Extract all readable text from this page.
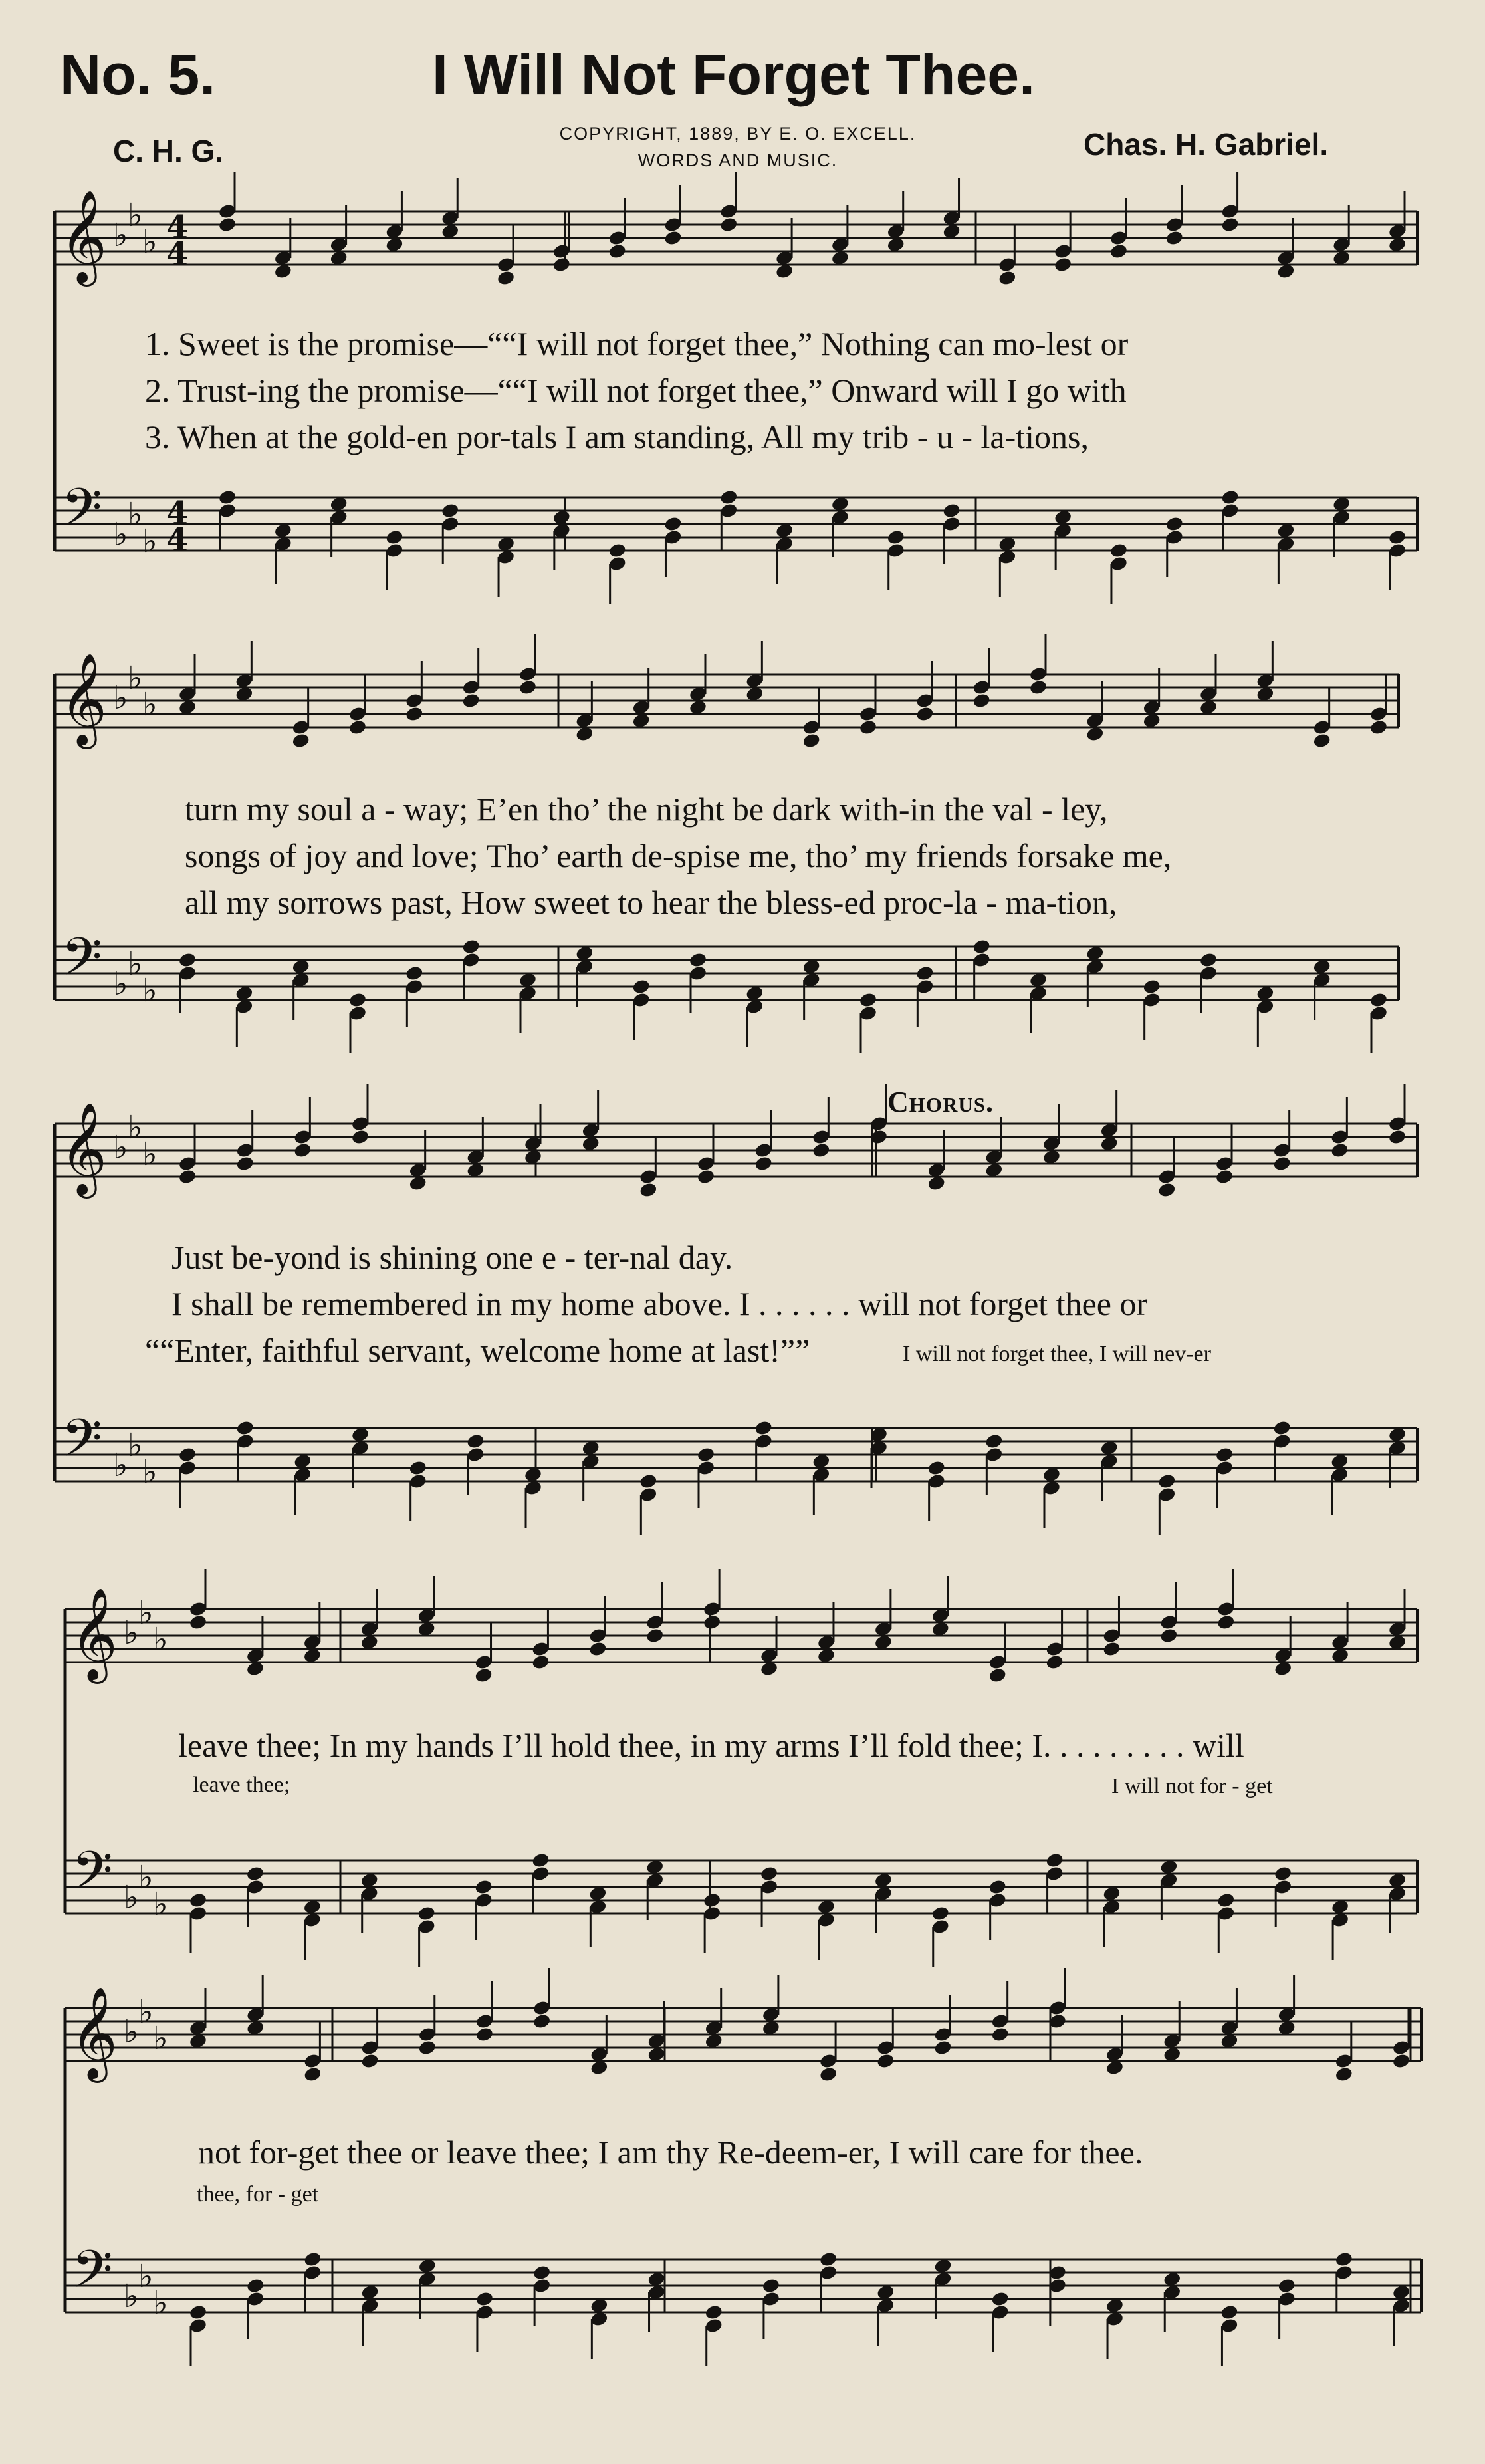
No. 5.	I Will Not Forget Thee.
C. H. G.	COPYRIGHT, 1889, BY E. O. EXCELL.
WORDS AND MUSIC.	Chas. H. Gabriel.
𝄞
𝄢
♭
♭
♭
♭
♭
♭
4
4
4
4
𝄞
𝄢
♭
♭
♭
♭
♭
♭
𝄞
𝄢
♭
♭
♭
♭
♭
♭
𝄞
𝄢
♭
♭
♭
♭
♭
♭
𝄞
𝄢
♭
♭
♭
♭
♭
♭
1. Sweet is the promise—““I will not forget thee,” Nothing can mo-lest or
2. Trust-ing the promise—““I will not forget thee,” Onward will I go with
3. When at the gold-en por-tals I am standing, All my trib - u - la-tions,
turn my soul a - way; E’en tho’ the night be dark with-in the val - ley,
songs of joy and love; Tho’ earth de-spise me, tho’ my friends forsake me,
all my sorrows past, How sweet to hear the bless-ed proc-la - ma-tion,
Chorus.
Just be-yond is shining one e - ter-nal day.
I shall be remembered in my home above. I . . . . . . will not forget thee or
““Enter, faithful servant, welcome home at last!””	I will not forget thee, I will nev-er
leave thee; In my hands I’ll hold thee, in my arms I’ll fold thee; I. . . . . . . . . will
leave thee;	I will not for - get
not for-get thee or leave thee; I am thy Re-deem-er, I will care for thee.
thee, for - get
